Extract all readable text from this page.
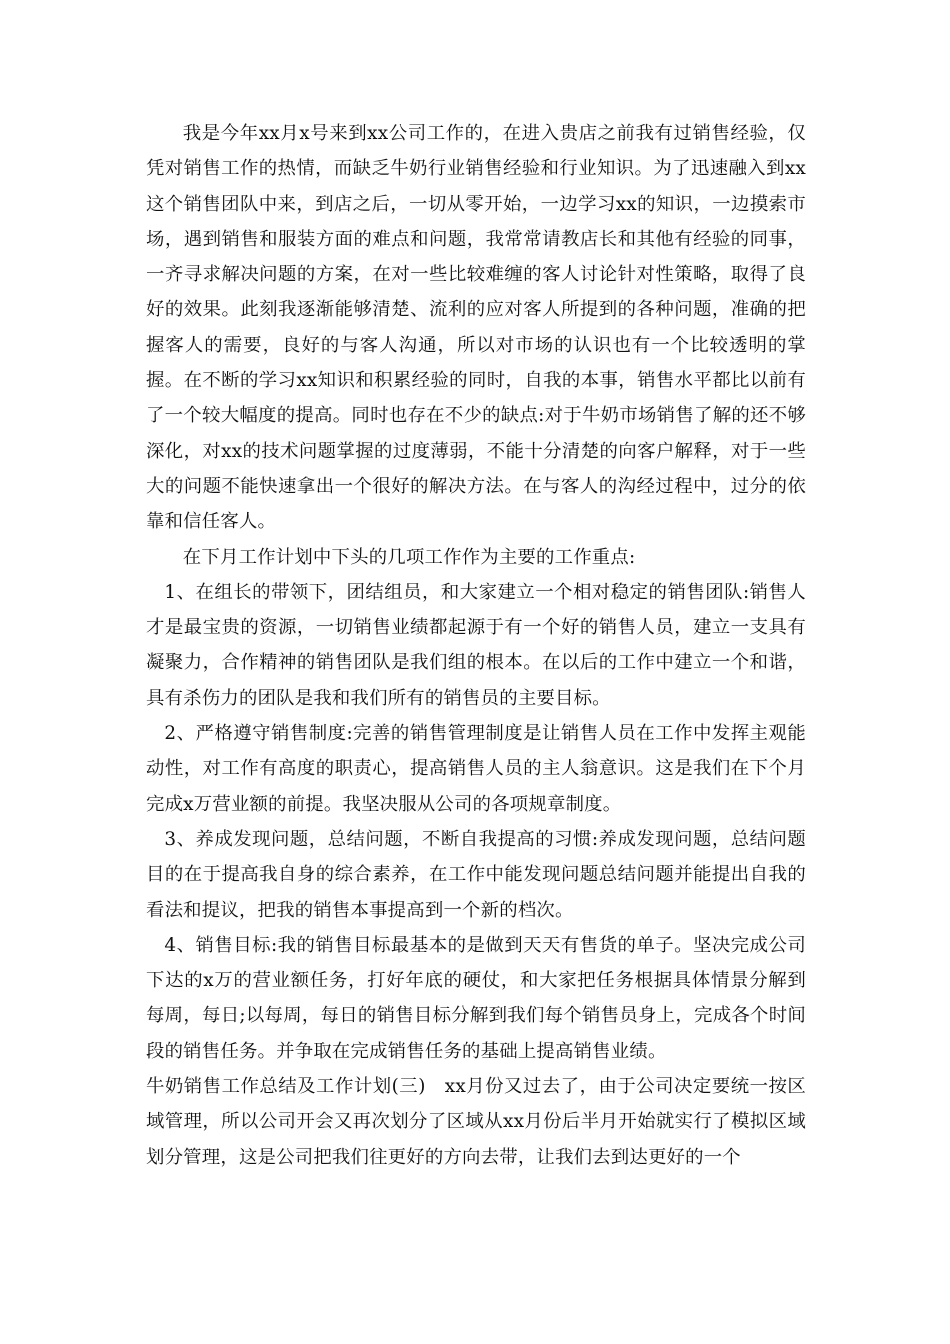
我是今年xx月x号来到xx公司工作的，在进入贵店之前我有过销售经验，仅凭对销售工作的热情，而缺乏牛奶行业销售经验和行业知识。为了迅速融入到xx这个销售团队中来，到店之后，一切从零开始，一边学习xx的知识，一边摸索市场，遇到销售和服装方面的难点和问题，我常常请教店长和其他有经验的同事，一齐寻求解决问题的方案，在对一些比较难缠的客人讨论针对性策略，取得了良好的效果。此刻我逐渐能够清楚、流利的应对客人所提到的各种问题，准确的把握客人的需要，良好的与客人沟通，所以对市场的认识也有一个比较透明的掌握。在不断的学习xx知识和积累经验的同时，自我的本事，销售水平都比以前有了一个较大幅度的提高。同时也存在不少的缺点:对于牛奶市场销售了解的还不够深化，对xx的技术问题掌握的过度薄弱，不能十分清楚的向客户解释，对于一些大的问题不能快速拿出一个很好的解决方法。在与客人的沟经过程中，过分的依靠和信任客人。

在下月工作计划中下头的几项工作作为主要的工作重点:

1、在组长的带领下，团结组员，和大家建立一个相对稳定的销售团队:销售人才是最宝贵的资源，一切销售业绩都起源于有一个好的销售人员，建立一支具有凝聚力，合作精神的销售团队是我们组的根本。在以后的工作中建立一个和谐，具有杀伤力的团队是我和我们所有的销售员的主要目标。

2、严格遵守销售制度:完善的销售管理制度是让销售人员在工作中发挥主观能动性，对工作有高度的职责心，提高销售人员的主人翁意识。这是我们在下个月完成x万营业额的前提。我坚决服从公司的各项规章制度。

3、养成发现问题，总结问题，不断自我提高的习惯:养成发现问题，总结问题目的在于提高我自身的综合素养，在工作中能发现问题总结问题并能提出自我的看法和提议，把我的销售本事提高到一个新的档次。

4、销售目标:我的销售目标最基本的是做到天天有售货的单子。坚决完成公司下达的x万的营业额任务，打好年底的硬仗，和大家把任务根据具体情景分解到每周，每日;以每周，每日的销售目标分解到我们每个销售员身上，完成各个时间段的销售任务。并争取在完成销售任务的基础上提高销售业绩。

牛奶销售工作总结及工作计划(三)　xx月份又过去了，由于公司决定要统一按区域管理，所以公司开会又再次划分了区域从xx月份后半月开始就实行了模拟区域划分管理，这是公司把我们往更好的方向去带，让我们去到达更好的一个
